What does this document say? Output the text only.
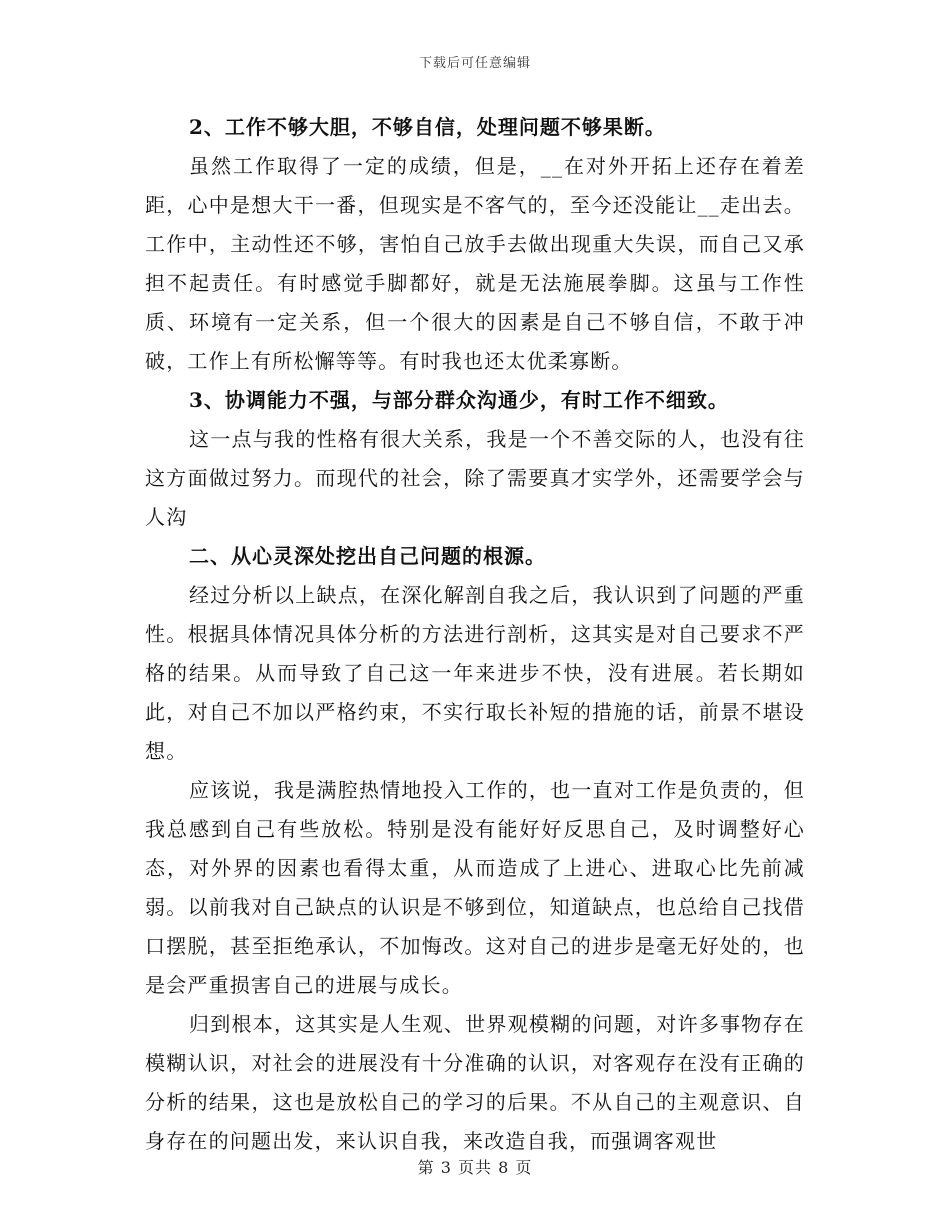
下载后可任意编辑

2、工作不够大胆，不够自信，处理问题不够果断。

虽然工作取得了一定的成绩，但是，__在对外开拓上还存在着差距，心中是想大干一番，但现实是不客气的，至今还没能让__走出去。工作中，主动性还不够，害怕自己放手去做出现重大失误，而自己又承担不起责任。有时感觉手脚都好，就是无法施展拳脚。这虽与工作性质、环境有一定关系，但一个很大的因素是自己不够自信，不敢于冲破，工作上有所松懈等等。有时我也还太优柔寡断。

3、协调能力不强，与部分群众沟通少，有时工作不细致。

这一点与我的性格有很大关系，我是一个不善交际的人，也没有往这方面做过努力。而现代的社会，除了需要真才实学外，还需要学会与人沟

二、从心灵深处挖出自己问题的根源。

经过分析以上缺点，在深化解剖自我之后，我认识到了问题的严重性。根据具体情况具体分析的方法进行剖析，这其实是对自己要求不严格的结果。从而导致了自己这一年来进步不快，没有进展。若长期如此，对自己不加以严格约束，不实行取长补短的措施的话，前景不堪设想。

应该说，我是满腔热情地投入工作的，也一直对工作是负责的，但我总感到自己有些放松。特别是没有能好好反思自己，及时调整好心态，对外界的因素也看得太重，从而造成了上进心、进取心比先前减弱。以前我对自己缺点的认识是不够到位，知道缺点，也总给自己找借口摆脱，甚至拒绝承认，不加悔改。这对自己的进步是毫无好处的，也是会严重损害自己的进展与成长。

归到根本，这其实是人生观、世界观模糊的问题，对许多事物存在模糊认识，对社会的进展没有十分准确的认识，对客观存在没有正确的分析的结果，这也是放松自己的学习的后果。不从自己的主观意识、自身存在的问题出发，来认识自我，来改造自我，而强调客观世

第 3 页共 8 页
